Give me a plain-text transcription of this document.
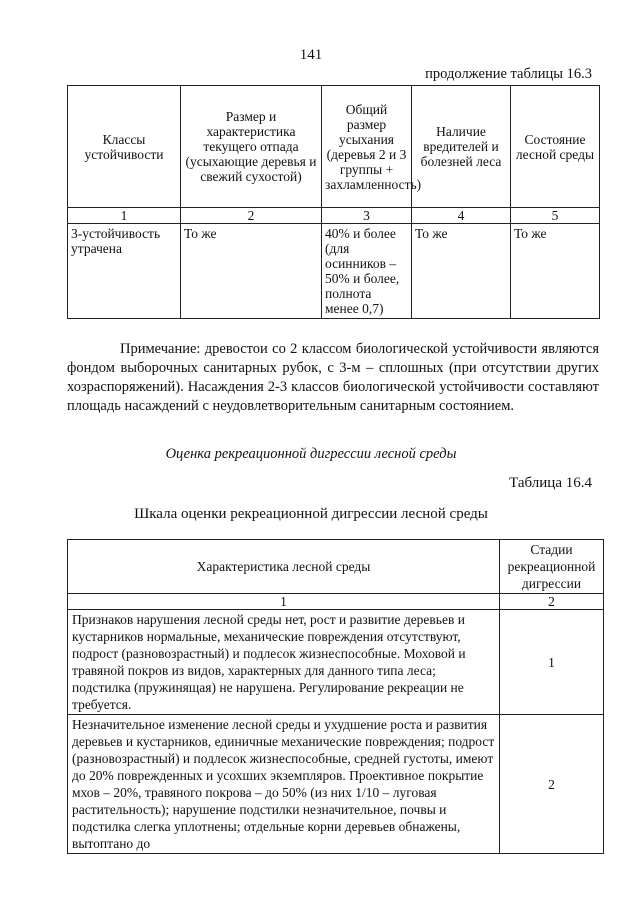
141
продолжение таблицы 16.3
Классы устойчивости	Размер и характеристика текущего отпада (усыхающие деревья и свежий сухостой)	Общий размер усыхания (деревья 2 и 3 группы + захламленность)	Наличие вредителей и болезней леса	Состояние лесной среды
1	2	3	4	5
3-устойчивость утрачена	То же	40% и более (для осинников – 50% и более, полнота менее 0,7)	То же	То же
Примечание: древостои со 2 классом биологической устойчивости являются фондом выборочных санитарных рубок, с 3-м – сплошных (при отсутствии других хозраспоряжений). Насаждения 2-3 классов биологической устойчивости составляют площадь насаждений с неудовлетворительным санитарным состоянием.
Оценка рекреационной дигрессии лесной среды
Таблица 16.4
Шкала оценки рекреационной дигрессии лесной среды
Характеристика лесной среды	Стадии рекреационной дигрессии
1	2
Признаков нарушения лесной среды нет, рост и развитие деревьев и кустарников нормальные, механические повреждения отсутствуют, подрост (разновозрастный) и подлесок жизнеспособные. Моховой и травяной покров из видов, характерных для данного типа леса; подстилка (пружинящая) не нарушена. Регулирование рекреации не требуется.	1
Незначительное изменение лесной среды и ухудшение роста и развития деревьев и кустарников, единичные механические повреждения; подрост (разновозрастный) и подлесок жизнеспособные, средней густоты, имеют до 20% поврежденных и усохших экземпляров. Проективное покрытие мхов – 20%, травяного покрова – до 50% (из них 1/10 – луговая растительность); нарушение подстилки незначительное, почвы и подстилка слегка уплотнены; отдельные корни деревьев обнажены, вытоптано до	2
